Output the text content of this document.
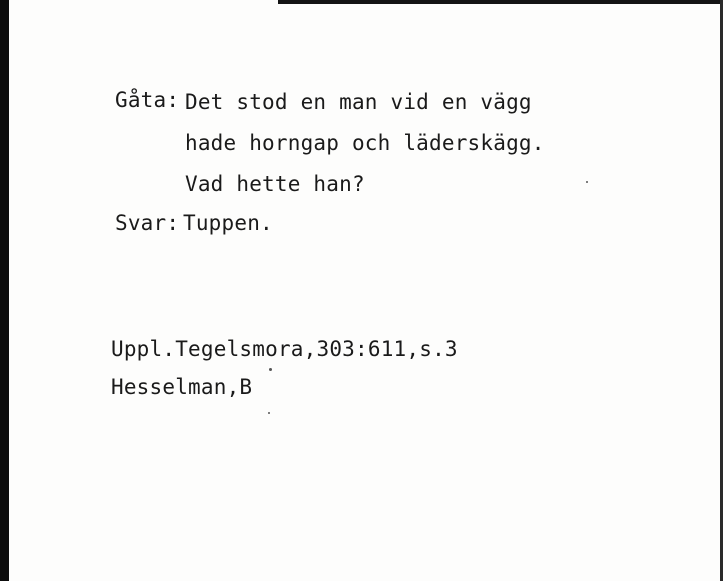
Gåta: Det stod en man vid en vägg
hade horngap och läderskägg.
Vad hette han?
Svar: Tuppen.
Uppl.Tegelsmora,303:611,s.3
Hesselman,B
